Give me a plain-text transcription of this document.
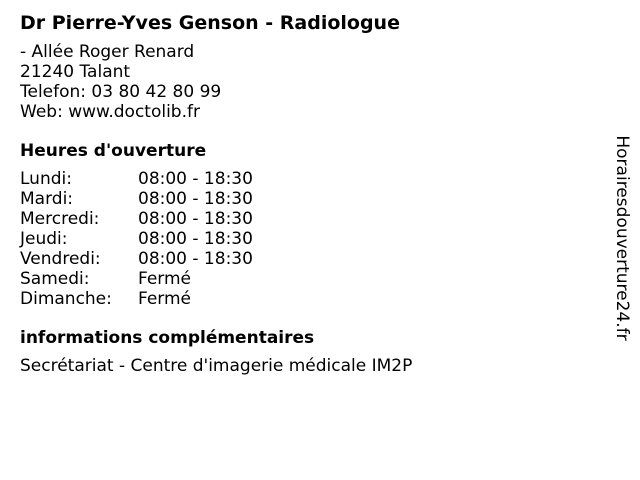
Dr Pierre-Yves Genson - Radiologue
- Allée Roger Renard
21240 Talant
Telefon: 03 80 42 80 99
Web: www.doctolib.fr
Heures d'ouverture
Lundi:	08:00 - 18:30
Mardi:	08:00 - 18:30
Mercredi:	08:00 - 18:30
Jeudi:	08:00 - 18:30
Vendredi:	08:00 - 18:30
Samedi:	Fermé
Dimanche:	Fermé
informations complémentaires
Secrétariat - Centre d'imagerie médicale IM2P
Horairesdouverture24.fr
